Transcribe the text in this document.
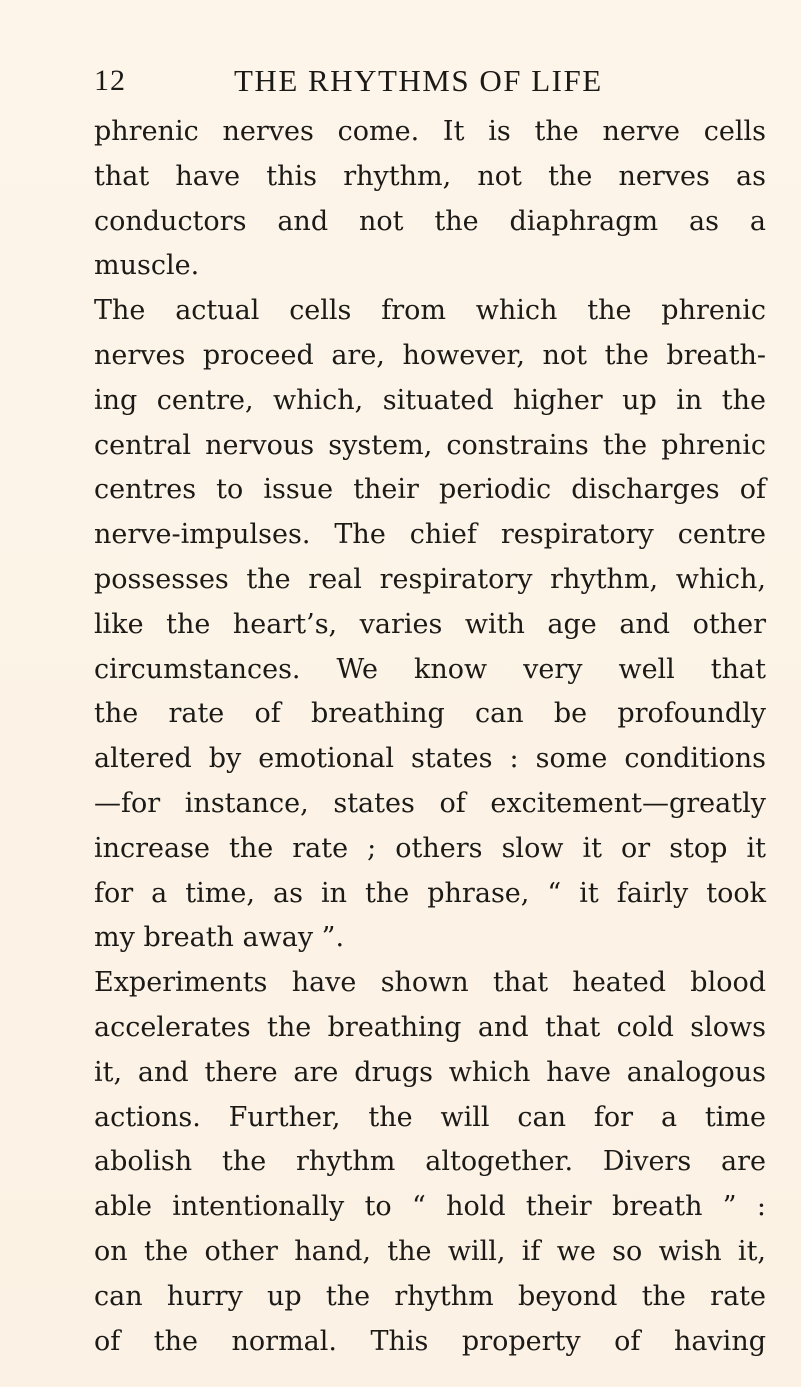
12	THE RHYTHMS OF LIFE
phrenic nerves come. It is the nerve cells
that have this rhythm, not the nerves as
conductors and not the diaphragm as a
muscle.
The actual cells from which the phrenic
nerves proceed are, however, not the breath-
ing centre, which, situated higher up in the
central nervous system, constrains the phrenic
centres to issue their periodic discharges of
nerve-impulses. The chief respiratory centre
possesses the real respiratory rhythm, which,
like the heart’s, varies with age and other
circumstances. We know very well that
the rate of breathing can be profoundly
altered by emotional states : some conditions
—for instance, states of excitement—greatly
increase the rate ; others slow it or stop it
for a time, as in the phrase, “ it fairly took
my breath away ”.
Experiments have shown that heated blood
accelerates the breathing and that cold slows
it, and there are drugs which have analogous
actions. Further, the will can for a time
abolish the rhythm altogether. Divers are
able intentionally to “ hold their breath ” :
on the other hand, the will, if we so wish it,
can hurry up the rhythm beyond the rate
of the normal. This property of having
